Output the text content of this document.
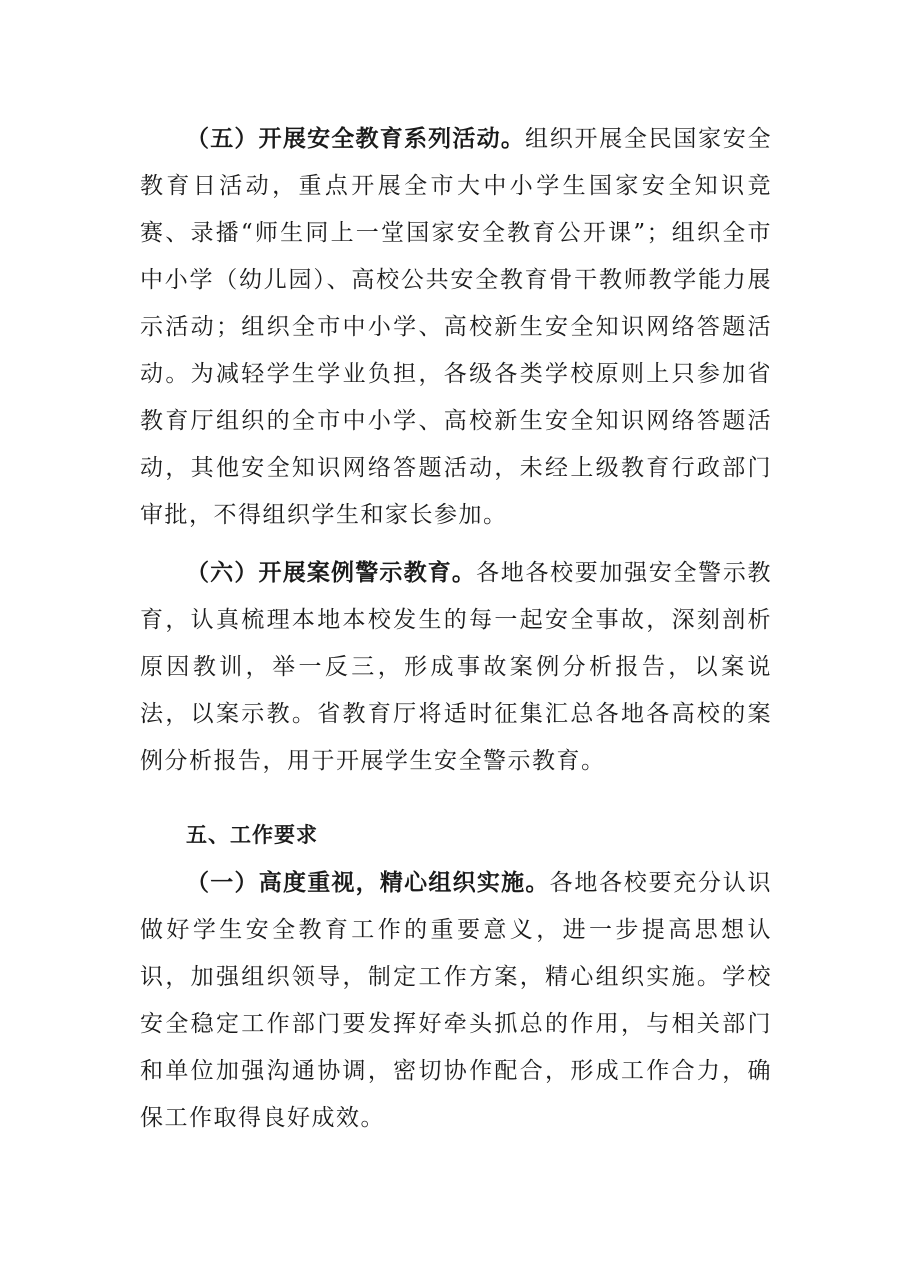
（五）开展安全教育系列活动。组织开展全民国家安全教育日活动，重点开展全市大中小学生国家安全知识竞赛、录播“师生同上一堂国家安全教育公开课”；组织全市中小学（幼儿园）、高校公共安全教育骨干教师教学能力展示活动；组织全市中小学、高校新生安全知识网络答题活动。为减轻学生学业负担，各级各类学校原则上只参加省教育厅组织的全市中小学、高校新生安全知识网络答题活动，其他安全知识网络答题活动，未经上级教育行政部门审批，不得组织学生和家长参加。

（六）开展案例警示教育。各地各校要加强安全警示教育，认真梳理本地本校发生的每一起安全事故，深刻剖析原因教训，举一反三，形成事故案例分析报告，以案说法，以案示教。省教育厅将适时征集汇总各地各高校的案例分析报告，用于开展学生安全警示教育。

五、工作要求

（一）高度重视，精心组织实施。各地各校要充分认识做好学生安全教育工作的重要意义，进一步提高思想认识，加强组织领导，制定工作方案，精心组织实施。学校安全稳定工作部门要发挥好牵头抓总的作用，与相关部门和单位加强沟通协调，密切协作配合，形成工作合力，确保工作取得良好成效。
